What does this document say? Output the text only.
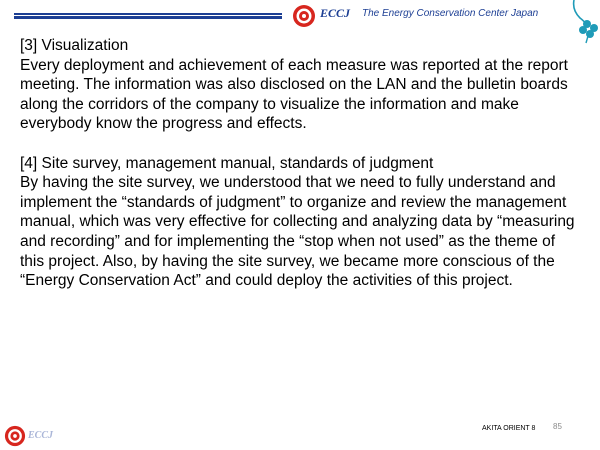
ECCJ The Energy Conservation Center Japan

[3] Visualization

Every deployment and achievement of each measure was reported at the report meeting. The information was also disclosed on the LAN and the bulletin boards along the corridors of the company to visualize the information and make everybody know the progress and effects.

[4] Site survey, management manual, standards of judgment

By having the site survey, we understood that we need to fully understand and implement the “standards of judgment” to organize and review the management manual, which was very effective for collecting and analyzing data by “measuring and recording” and for implementing the “stop when not used” as the theme of this project. Also, by having the site survey, we became more conscious of the “Energy Conservation Act” and could deploy the activities of this project.

ECCJ
AKITA ORIENT 8 85
